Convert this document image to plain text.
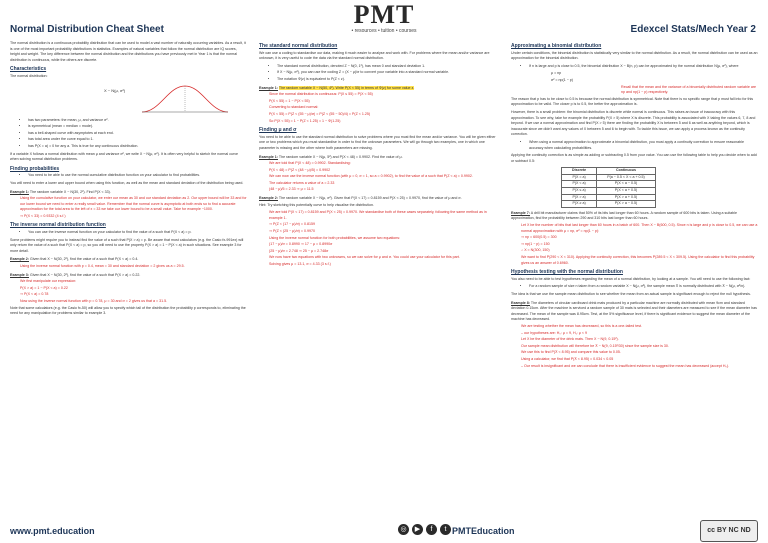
Normal Distribution Cheat Sheet
PMT
• resources • tuition • courses	Edexcel Stats/Mech Year 2
The normal distribution is a continuous probability distribution that can be used to model a vast number of naturally occurring variables. As a result, it is one of the most important probability distributions in statistics. Examples of natural variables that follow the normal distribution are IQ scores, height and weight. The key difference between the normal distribution and the distributions you have previously met in Year 1 is that the normal distribution is continuous, while the others are discrete.
Characteristics
The normal distribution:
X ~ N(μ, σ²)
• has two parameters: the mean, μ, and variance σ².
• is symmetrical (mean = median = mode).
• has a bell-shaped curve with asymptotes at each end.
• has total area under the curve equal to 1.
• has P(X = a) = 0 for any a. This is true for any continuous distribution.
If a variable X follows a normal distribution with mean μ and variance σ², we write X ~ N(μ, σ²). It is often very helpful to sketch the normal curve when solving normal distribution problems.
Finding probabilities
• You need to be able to use the normal cumulative distribution function on your calculator to find probabilities.
You will need to enter a lower and upper bound when using this function, as well as the mean and standard deviation of the distribution being used.
Example 1: The random variable X ~ N(30, 2²). Find P(X < 33).
Using the cumulative function on your calculator, we enter our mean as 30 and our standard deviation as 2. Our upper bound will be 33 and for our lower bound we need to enter a really small value. Remember that the normal curve is asymptotic at both ends so to find a accurate approximation for the total area to the left of x = 33 we take our lower bound to be a small value. Take for example −1000.
⇒ P(X < 33) = 0.9332 (4 s.f.)
The inverse normal distribution function
• You can use the inverse normal function on your calculator to find the value of a such that P(X < a) = p.
Some problems might require you to instead find the value of a such that P(X > a) = p. Be aware that most calculators (e.g. the Casio fx-991ex) will only return the value of a such that P(X < a) = p, so you will need to use the property P(X > a) = 1 − P(X < a) in such situations. See example 3 for more detail.
Example 2: Given that X ~ N(30, 2²), find the value of a such that P(X < a) = 0.4.
Using the inverse normal function with p = 0.4, mean = 30 and standard deviation = 2 gives us a = 29.5.
Example 3: Given that X ~ N(30, 2²), find the value of a such that P(X > a) = 0.22.
We first manipulate our expression:
P(X > a) = 1 − P(X < a) = 0.22
⇒ P(X < a) = 0.78
Now using the inverse normal function with p = 0.78, μ = 30 and σ = 2 gives us that a = 31.5.
Note that some calculators (e.g. the Casio fx-50) will allow you to specify which tail of the distribution the probability p corresponds to, eliminating the need for any manipulation for problems similar to example 3.
The standard normal distribution
We can use a coding to standardise our data, making it much easier to analyse and work with. For problems where the mean and/or variance are unknown, it is very useful to code the data via the standard normal distribution.
• The standard normal distribution, denoted Z ~ N(0, 1²), has mean 0 and standard deviation 1.
• If X ~ N(μ, σ²), you can use the coding Z = (X − μ)/σ to convert your variable into a standard normal variable.
• The notation Φ(z) is equivalent to P(Z < z).
Example 1: The random variable X ~ N(50, 4²). Write P(X < 55) in terms of Φ(z) for some value z.
Since the normal distribution is continuous: P(X ≤ 55) = P(X < 55)
P(X < 55) = 1 − P(X < 55)
Converting to standard normal:
P(X < 55) = P(Z < (55 − μ)/σ) = P(Z < (55 − 50)/4) = P(Z < 1.25)
So P(X < 55) = 1 − P(Z < 1.25) = 1 − Φ(1.25)
Finding μ and σ
You need to be able to use the standard normal distribution to solve problems where you must find the mean and/or variance. You will be given either one or two problems which you must standardise in order to find the unknown parameters. We will go through two examples, one in which one parameter is missing and the other where both parameters are missing.
Example 1: The random variable X ~ N(μ, 5²) and P(X < 48) = 0.9902. Find the value of μ.
We are told that P(X < 48) = 0.9902. Standardising:
P(X < 48) = P(Z < (48 − μ)/5) = 0.9902
We can now use the inverse normal function (with μ = 0, σ = 1, so a = 0.9902), to find the value of a such that P(Z < a) = 0.9902.
The calculator returns a value of a = 2.33
(48 − μ)/5 = 2.33 ⇒ μ = 11.5
Example 2: The random variable X ~ N(μ, σ²). Given that P(X < 17) = 0.8159 and P(X < 25) = 0.9970, find the value of μ and σ.
Hint: Try sketching this potentially curve to help visualise the distribution.
We are told P(X < 17) = 0.8159 and P(X < 25) = 0.9970. We standardise both of these cases separately, following the same method as in example 1.
⇒ P(Z < (17 − μ)/σ) = 0.8159
⇒ P(Z < (25 − μ)/σ) = 0.9970
Using the inverse normal function for both probabilities, we assume two equations:
(17 − μ)/σ = 0.8990 ⇒ 17 − μ = 0.8990σ
(25 − μ)/σ = 2.748 ⇒ 25 − μ = 2.748σ
We now have two equations with two unknowns, so we can solve for μ and σ. You could use your calculator for this part.
Solving gives μ = 13.1, σ = 4.33 (3 s.f.)
Approximating a binomial distribution
Under certain conditions, the binomial distribution is statistically very similar to the normal distribution. As a result, the normal distribution can be used as an approximation for the binomial distribution.
• If n is large and p is close to 0.5, the binomial distribution X ~ B(n, p) can be approximated by the normal distribution N(μ, σ²), where
μ = np
σ² = np(1 − p)
Recall that the mean and the variance of a binomially distributed random variable are np and np(1 − p) respectively.
The reason that p has to be close to 0.5 is because the normal distribution is symmetrical. Note that there is no specific range that p must fall into for this approximation to be valid. The closer p is to 0.5, the better the approximation is.
However, there is a small problem: the binomial distribution is discrete while normal is continuous. This raises an issue of inaccuracy with this approximation. To see why, take for example the probability P(X > 5) where X is discrete. This probability is associated with X taking the values 6, 7, 8 and beyond. If we use a normal approximation and find P(X > 5) there are finding the probability X is between 5 and 6 as well as anything beyond, which is inaccurate since we didn't want any values of X between 5 and 6 to begin with. To tackle this issue, we can apply a process known as the continuity correction.
• When using a normal approximation to approximate a binomial distribution, you must apply a continuity correction to ensure reasonable accuracy when calculating probabilities.
Applying the continuity correction is as simple as adding or subtracting 0.5 from your value. You can use the following table to help you decide when to add or subtract 0.5:
Discrete	Continuous
P(X = a)	P(a − 0.5 < X < a + 0.5)
P(X < a)	P(X < a − 0.5)
P(X ≤ a)	P(X < a + 0.5)
P(X > a)	P(X > a + 0.5)
P(X ≥ a)	P(X > a − 0.5)
Example 7: A drill bit manufacturer claims that 50% of its bits last longer than 60 hours. A random sample of 600 bits is taken. Using a suitable approximation, find the probability between 290 and 310 bits last longer than 60 hours.
Let X be the number of bits that last longer than 60 hours in a batch of 600. Then X ~ B(600, 0.5). Since n is large and p is close to 0.5, we can use a normal approximation with μ = np, σ² = np(1 − p):
⇒ np = 600(0.5) = 300
⇒ np(1 − p) = 150
∴ X ≈ N(300, 150)
We want to find P(290 < X < 310). Applying the continuity correction, this becomes P(289.5 < X < 309.5). Using the calculator to find this probability gives us an answer of 0.6960.
Hypothesis testing with the normal distribution
You also need to be able to test hypotheses regarding the mean of a normal distribution, by looking at a sample. You will need to use the following fact:
• For a random sample of size n taken from a random variable X ~ N(μ, σ²), the sample mean X̄ is normally distributed with X̄ ~ N(μ, σ²/n).
The idea is that we use the sample mean distribution to see whether the mean from an actual sample is significant enough to reject the null hypothesis.
Example 8: The diameters of circular cardboard drink mats produced by a particular machine are normally distributed with mean 9cm and standard deviation 0.15cm. After the machine is serviced a random sample of 30 mats is selected and their diameters are measured to see if the mean diameter has decreased. The mean of the sample was 8.95cm. Test, at the 5% significance level, if there is significant evidence to suggest the mean diameter of the machine has decreased.
We are testing whether the mean has decreased, so this is a one-tailed test.
– our hypotheses are: H₀: μ = 9, H₁: μ < 9
Let X be the diameter of the drink mats. Then X ~ N(9, 0.15²).
Our sample mean distribution will therefore be X̄ ~ N(9, 0.15²/30) since the sample size is 30.
We use this to find P(X̄ < 8.95) and compare this value to 0.05.
Using a calculator, we find that P(X̄ < 8.95) = 0.034 < 0.05
– Our result is insignificant and we can conclude that there is insufficient evidence to suggest the mean has decreased (accept H₀).
www.pmt.education	◎	▶	f	t PMTEducation	cc BY NC ND
